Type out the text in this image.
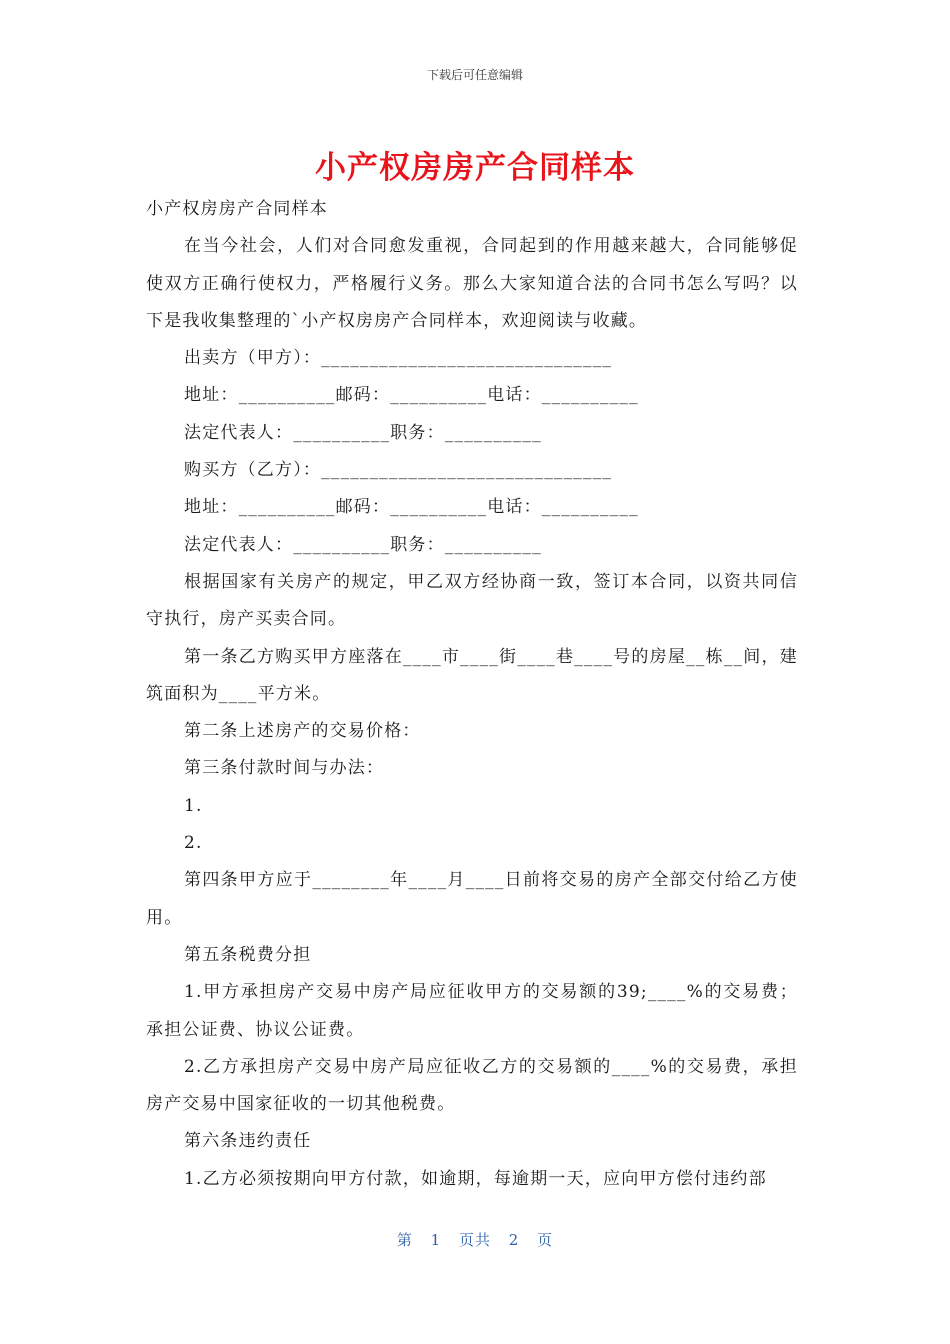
下载后可任意编辑
小产权房房产合同样本

小产权房房产合同样本

在当今社会，人们对合同愈发重视，合同起到的作用越来越大，合同能够促使双方正确行使权力，严格履行义务。那么大家知道合法的合同书怎么写吗？以下是我收集整理的`小产权房房产合同样本，欢迎阅读与收藏。

出卖方（甲方）：______________________________

地址：__________邮码：__________电话：__________

法定代表人：__________职务：__________

购买方（乙方）：______________________________

地址：__________邮码：__________电话：__________

法定代表人：__________职务：__________

根据国家有关房产的规定，甲乙双方经协商一致，签订本合同，以资共同信守执行，房产买卖合同。

第一条乙方购买甲方座落在____市____街____巷____号的房屋__栋__间，建筑面积为____平方米。

第二条上述房产的交易价格：

第三条付款时间与办法：

1.

2.

第四条甲方应于________年____月____日前将交易的房产全部交付给乙方使用。

第五条税费分担

1.甲方承担房产交易中房产局应征收甲方的交易额的39;____%的交易费；承担公证费、协议公证费。

2.乙方承担房产交易中房产局应征收乙方的交易额的____%的交易费，承担房产交易中国家征收的一切其他税费。

第六条违约责任

1.乙方必须按期向甲方付款，如逾期，每逾期一天，应向甲方偿付违约部

第 1 页共 2 页
